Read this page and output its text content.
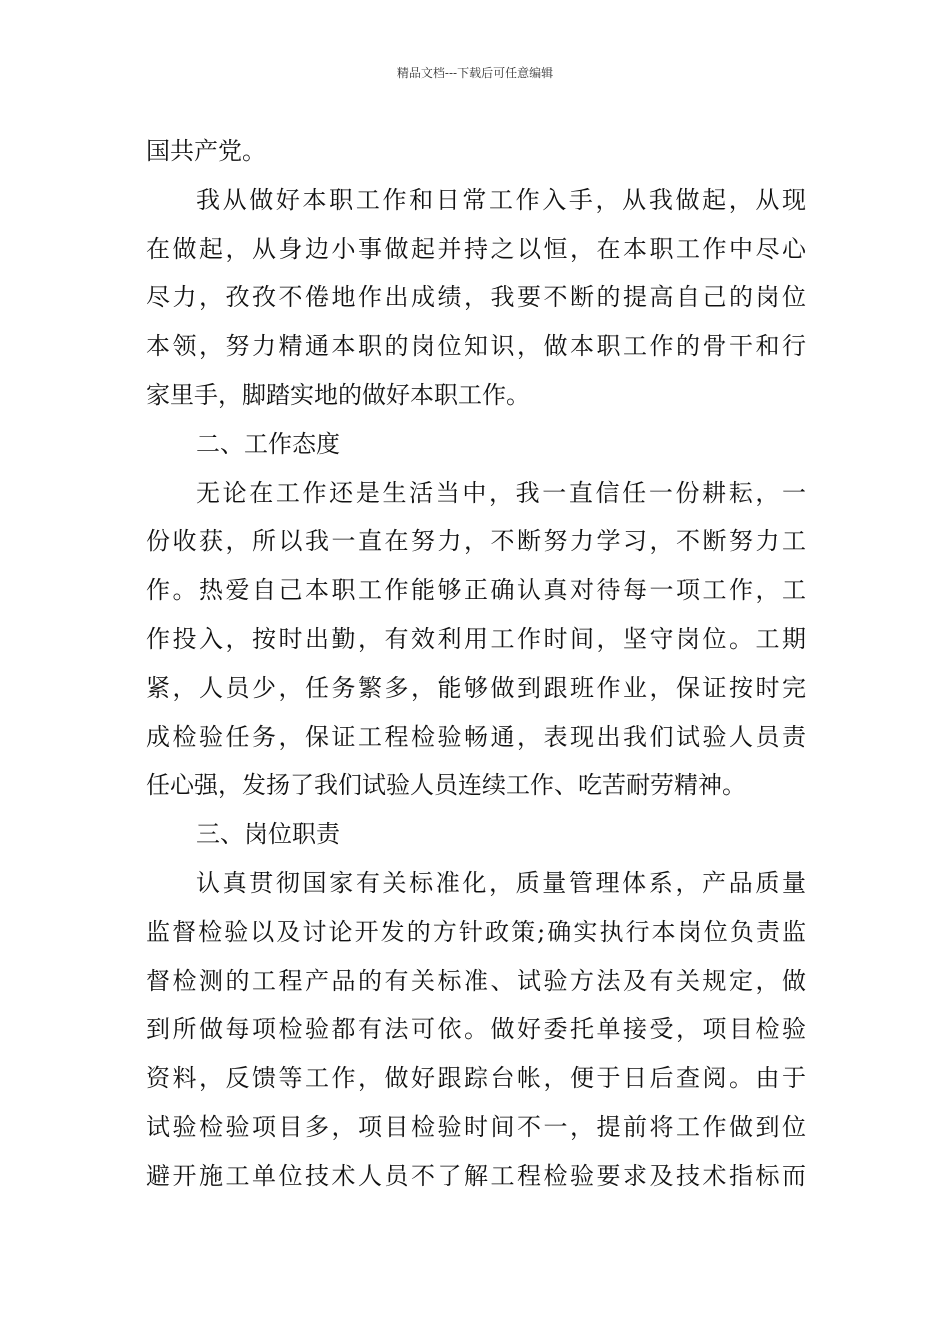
精品文档---下载后可任意编辑
国共产党。
我从做好本职工作和日常工作入手，从我做起，从现
在做起，从身边小事做起并持之以恒，在本职工作中尽心
尽力，孜孜不倦地作出成绩，我要不断的提高自己的岗位
本领，努力精通本职的岗位知识，做本职工作的骨干和行
家里手，脚踏实地的做好本职工作。
二、工作态度
无论在工作还是生活当中，我一直信任一份耕耘，一
份收获，所以我一直在努力，不断努力学习，不断努力工
作。热爱自己本职工作能够正确认真对待每一项工作，工
作投入，按时出勤，有效利用工作时间，坚守岗位。工期
紧，人员少，任务繁多，能够做到跟班作业，保证按时完
成检验任务，保证工程检验畅通，表现出我们试验人员责
任心强，发扬了我们试验人员连续工作、吃苦耐劳精神。
三、岗位职责
认真贯彻国家有关标准化，质量管理体系，产品质量
监督检验以及讨论开发的方针政策;确实执行本岗位负责监
督检测的工程产品的有关标准、试验方法及有关规定，做
到所做每项检验都有法可依。做好委托单接受，项目检验
资料，反馈等工作，做好跟踪台帐，便于日后查阅。由于
试验检验项目多，项目检验时间不一，提前将工作做到位
避开施工单位技术人员不了解工程检验要求及技术指标而
